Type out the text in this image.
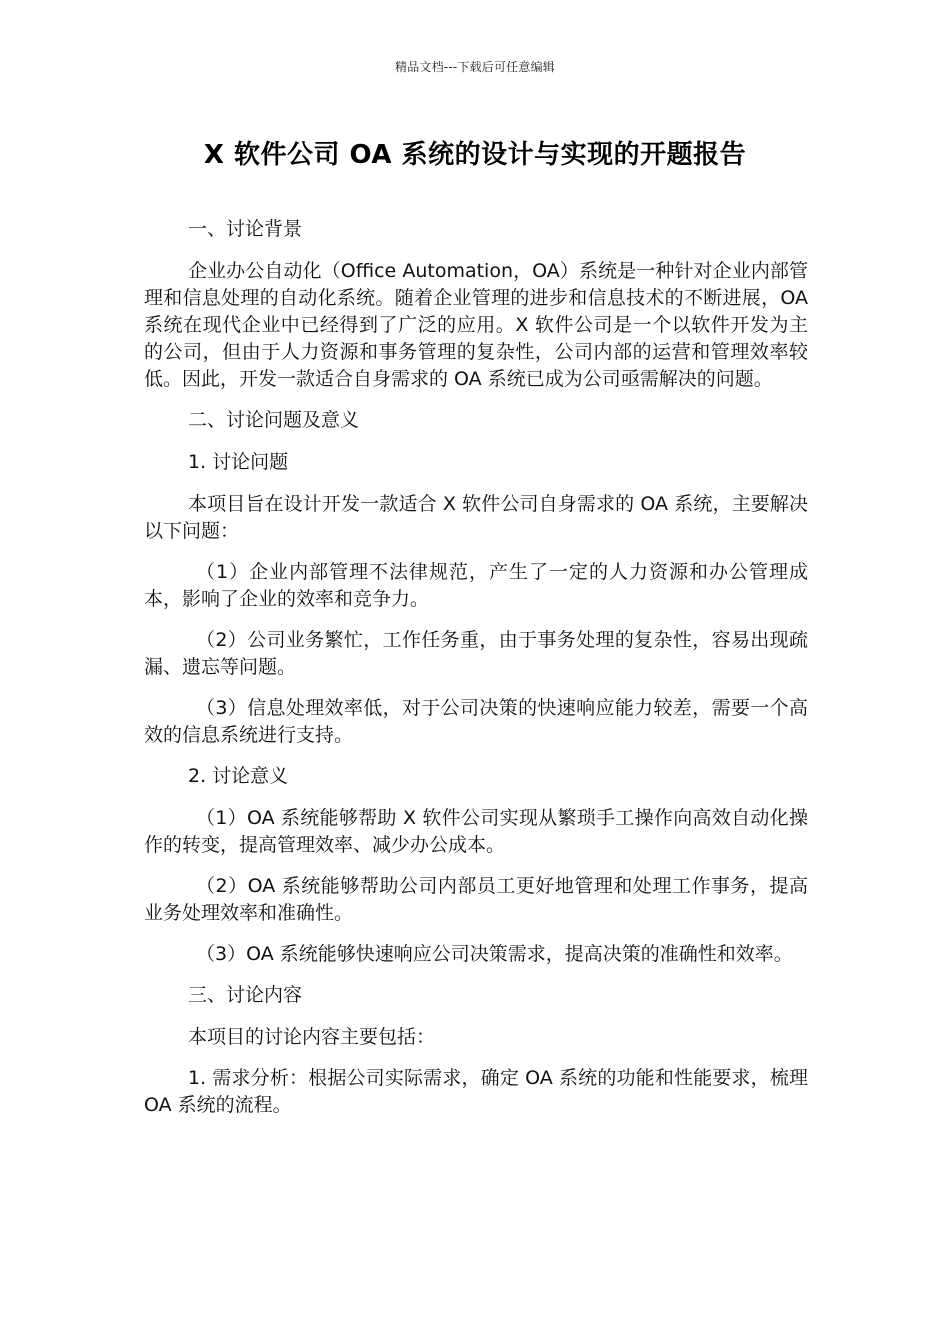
精品文档---下载后可任意编辑
X 软件公司 OA 系统的设计与实现的开题报告

一、讨论背景

企业办公自动化（Office Automation，OA）系统是一种针对企业内部管理和信息处理的自动化系统。随着企业管理的进步和信息技术的不断进展，OA 系统在现代企业中已经得到了广泛的应用。X 软件公司是一个以软件开发为主的公司，但由于人力资源和事务管理的复杂性，公司内部的运营和管理效率较低。因此，开发一款适合自身需求的 OA 系统已成为公司亟需解决的问题。

二、讨论问题及意义

1. 讨论问题

本项目旨在设计开发一款适合 X 软件公司自身需求的 OA 系统，主要解决以下问题：

（1）企业内部管理不法律规范，产生了一定的人力资源和办公管理成本，影响了企业的效率和竞争力。

（2）公司业务繁忙，工作任务重，由于事务处理的复杂性，容易出现疏漏、遗忘等问题。

（3）信息处理效率低，对于公司决策的快速响应能力较差，需要一个高效的信息系统进行支持。

2. 讨论意义

（1）OA 系统能够帮助 X 软件公司实现从繁琐手工操作向高效自动化操作的转变，提高管理效率、减少办公成本。

（2）OA 系统能够帮助公司内部员工更好地管理和处理工作事务，提高业务处理效率和准确性。

（3）OA 系统能够快速响应公司决策需求，提高决策的准确性和效率。

三、讨论内容

本项目的讨论内容主要包括：

1. 需求分析：根据公司实际需求，确定 OA 系统的功能和性能要求，梳理 OA 系统的流程。
